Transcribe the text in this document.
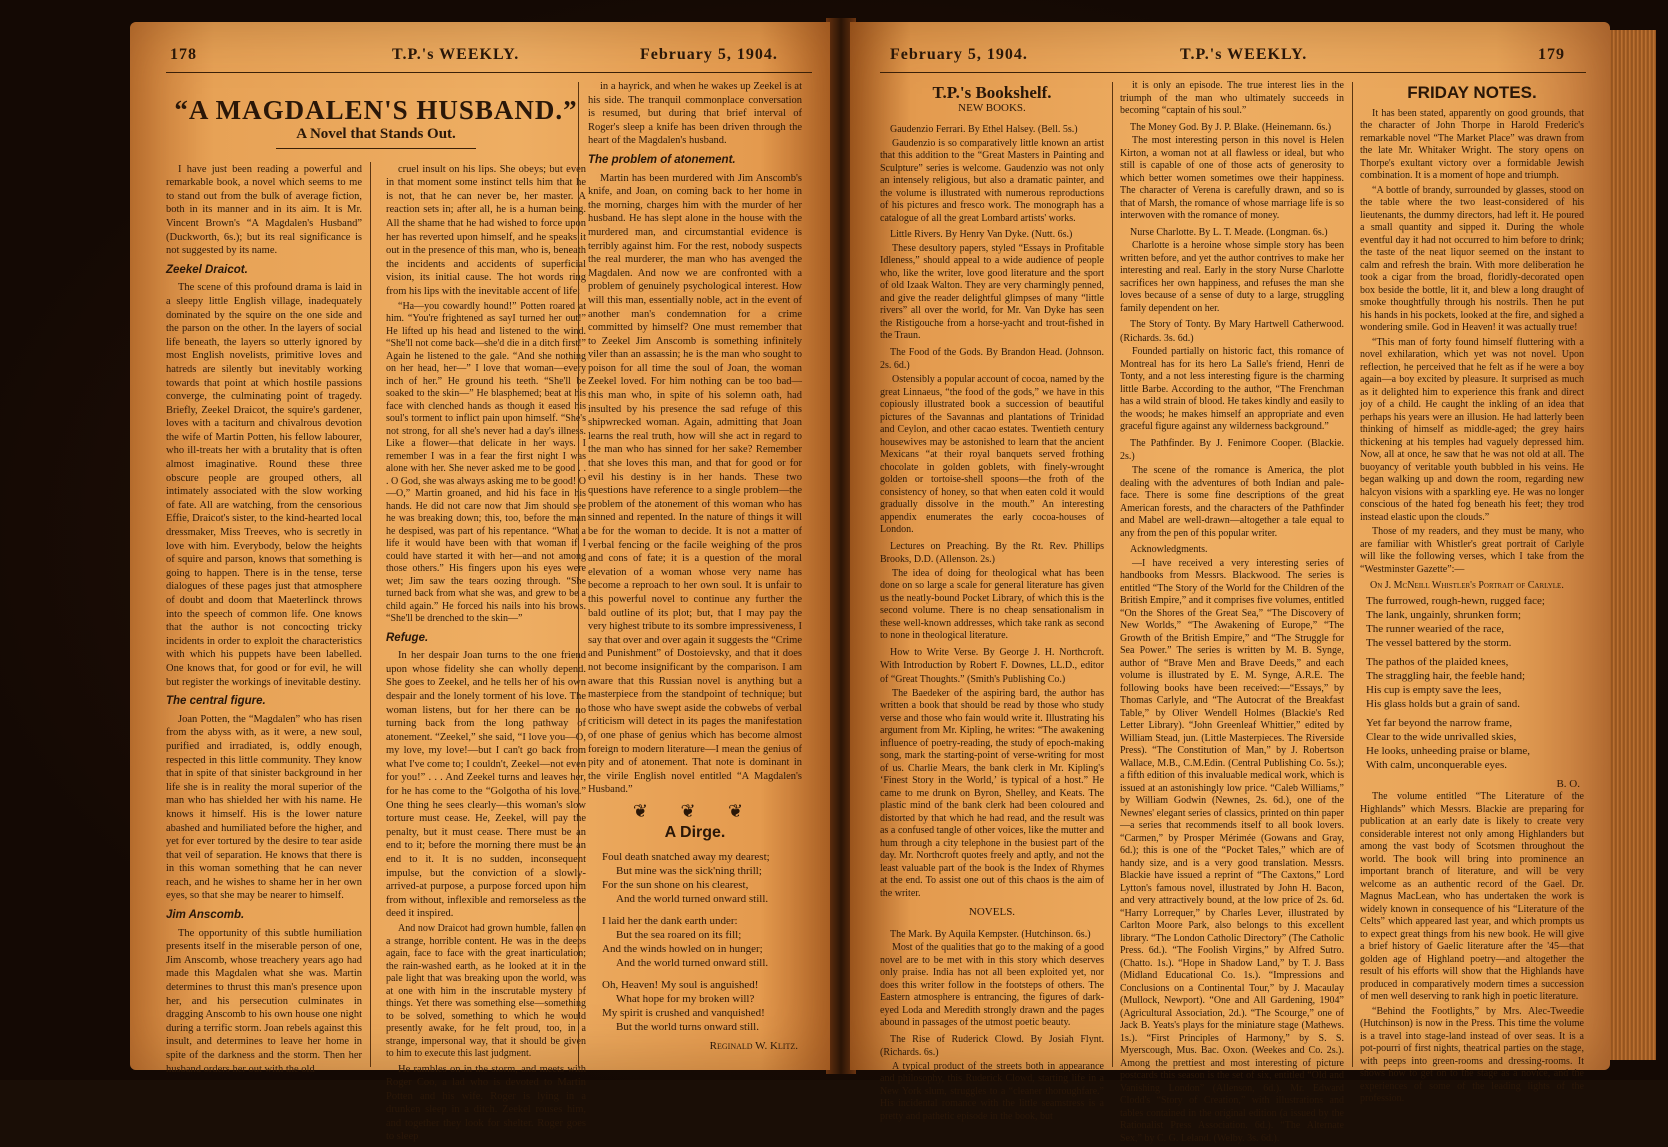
178	T.P.'s WEEKLY.	February 5, 1904.
“A MAGDALEN'S HUSBAND.”
A Novel that Stands Out.

I have just been reading a powerful and remarkable book, a novel which seems to me to stand out from the bulk of average fiction, both in its manner and in its aim. It is Mr. Vincent Brown's “A Magdalen's Husband” (Duckworth, 6s.); but its real significance is not suggested by its name.

Zeekel Draicot.

The scene of this profound drama is laid in a sleepy little English village, inadequately dominated by the squire on the one side and the parson on the other. In the layers of social life beneath, the layers so utterly ignored by most English novelists, primitive loves and hatreds are silently but inevitably working towards that point at which hostile passions converge, the culminating point of tragedy. Briefly, Zeekel Draicot, the squire's gardener, loves with a taciturn and chivalrous devotion the wife of Martin Potten, his fellow labourer, who ill-treats her with a brutality that is often almost imaginative. Round these three obscure people are grouped others, all intimately associated with the slow working of fate. All are watching, from the censorious Effie, Draicot's sister, to the kind-hearted local dressmaker, Miss Treeves, who is secretly in love with him. Everybody, below the heights of squire and parson, knows that something is going to happen. There is in the tense, terse dialogues of these pages just that atmosphere of doubt and doom that Maeterlinck throws into the speech of common life. One knows that the author is not concocting tricky incidents in order to exploit the characteristics with which his puppets have been labelled. One knows that, for good or for evil, he will but register the workings of inevitable destiny.

The central figure.

Joan Potten, the “Magdalen” who has risen from the abyss with, as it were, a new soul, purified and irradiated, is, oddly enough, respected in this little community. They know that in spite of that sinister background in her life she is in reality the moral superior of the man who has shielded her with his name. He knows it himself. His is the lower nature abashed and humiliated before the higher, and yet for ever tortured by the desire to tear aside that veil of separation. He knows that there is in this woman something that he can never reach, and he wishes to shame her in her own eyes, so that she may be nearer to himself.

Jim Anscomb.

The opportunity of this subtle humiliation presents itself in the miserable person of one, Jim Anscomb, whose treachery years ago had made this Magdalen what she was. Martin determines to thrust this man's presence upon her, and his persecution culminates in dragging Anscomb to his own house one night during a terrific storm. Joan rebels against this insult, and determines to leave her home in spite of the darkness and the storm. Then her husband orders her out with the old

cruel insult on his lips. She obeys; but even in that moment some instinct tells him that he is not, that he can never be, her master. A reaction sets in; after all, he is a human being. All the shame that he had wished to force upon her has reverted upon himself, and he speaks it out in the presence of this man, who is, beneath the incidents and accidents of superficial vision, its initial cause. The hot words ring from his lips with the inevitable accent of life:

“Ha—you cowardly hound!” Potten roared at him. “You're frightened as sayI turned her out!” He lifted up his head and listened to the wind. “She'll not come back—she'd die in a ditch first!” Again he listened to the gale. “And she nothing on her head, her—” I love that woman—every inch of her.” He ground his teeth. “She'll be soaked to the skin—” He blasphemed; beat at his face with clenched hands as though it eased his soul's torment to inflict pain upon himself. “She's not strong, for all she's never had a day's illness. Like a flower—that delicate in her ways. I remember I was in a fear the first night I was alone with her. She never asked me to be good . . . O God, she was always asking me to be good! O—O,” Martin groaned, and hid his face in his hands. He did not care now that Jim should see he was breaking down; this, too, before the man he despised, was part of his repentance. “What a life it would have been with that woman if I could have started it with her—and not among those others.” His fingers upon his eyes were wet; Jim saw the tears oozing through. “She turned back from what she was, and grew to be a child again.” He forced his nails into his brows. “She'll be drenched to the skin—”

Refuge.

In her despair Joan turns to the one friend upon whose fidelity she can wholly depend. She goes to Zeekel, and he tells her of his own despair and the lonely torment of his love. The woman listens, but for her there can be no turning back from the long pathway of atonement. “Zeekel,” she said, “I love you—O, my love, my love!—but I can't go back from what I've come to; I couldn't, Zeekel—not even for you!” . . . And Zeekel turns and leaves her, for he has come to the “Golgotha of his love.” One thing he sees clearly—this woman's slow torture must cease. He, Zeekel, will pay the penalty, but it must cease. There must be an end to it; before the morning there must be an end to it. It is no sudden, inconsequent impulse, but the conviction of a slowly-arrived-at purpose, a purpose forced upon him from without, inflexible and remorseless as the deed it inspired.

And now Draicot had grown humble, fallen on a strange, horrible content. He was in the deeps again, face to face with the great inarticulation; the rain-washed earth, as he looked at it in the pale light that was breaking upon the world, was at one with him in the inscrutable mystery of things. Yet there was something else—something to be solved, something to which he would presently awake, for he felt proud, too, in a strange, impersonal way, that it should be given to him to execute this last judgment.

He rambles on in the storm, and meets with Roger Coo, a lad who is devoted to Martin Potten and his wife. Roger is lying in a drunken sleep in a ditch. Zeekel rouses him, and together they look for shelter. Roger goes to sleep

in a hayrick, and when he wakes up Zeekel is at his side. The tranquil commonplace conversation is resumed, but during that brief interval of Roger's sleep a knife has been driven through the heart of the Magdalen's husband.

The problem of atonement.

Martin has been murdered with Jim Anscomb's knife, and Joan, on coming back to her home in the morning, charges him with the murder of her husband. He has slept alone in the house with the murdered man, and circumstantial evidence is terribly against him. For the rest, nobody suspects the real murderer, the man who has avenged the Magdalen. And now we are confronted with a problem of genuinely psychological interest. How will this man, essentially noble, act in the event of another man's condemnation for a crime committed by himself? One must remember that to Zeekel Jim Anscomb is something infinitely viler than an assassin; he is the man who sought to poison for all time the soul of Joan, the woman Zeekel loved. For him nothing can be too bad—this man who, in spite of his solemn oath, had insulted by his presence the sad refuge of this shipwrecked woman. Again, admitting that Joan learns the real truth, how will she act in regard to the man who has sinned for her sake? Remember that she loves this man, and that for good or for evil his destiny is in her hands. These two questions have reference to a single problem—the problem of the atonement of this woman who has sinned and repented. In the nature of things it will be for the woman to decide. It is not a matter of verbal fencing or the facile weighing of the pros and cons of fate; it is a question of the moral elevation of a woman whose very name has become a reproach to her own soul. It is unfair to this powerful novel to continue any further the bald outline of its plot; but, that I may pay the very highest tribute to its sombre impressiveness, I say that over and over again it suggests the “Crime and Punishment” of Dostoievsky, and that it does not become insignificant by the comparison. I am aware that this Russian novel is anything but a masterpiece from the standpoint of technique; but those who have swept aside the cobwebs of verbal criticism will detect in its pages the manifestation of one phase of genius which has become almost foreign to modern literature—I mean the genius of pity and of atonement. That note is dominant in the virile English novel entitled “A Magdalen's Husband.”

❦ ❦ ❦
A Dirge.
Foul death snatched away my dearest;
But mine was the sick'ning thrill;
For the sun shone on his clearest,
And the world turned onward still.
I laid her the dank earth under:
But the sea roared on its fill;
And the winds howled on in hunger;
And the world turned onward still.
Oh, Heaven! My soul is anguished!
What hope for my broken will?
My spirit is crushed and vanquished!
But the world turns onward still.
Reginald W. Klitz.
February 5, 1904.	T.P.'s WEEKLY.	179
T.P.'s Bookshelf.
NEW BOOKS.
Gaudenzio Ferrari. By Ethel Halsey. (Bell. 5s.)

Gaudenzio is so comparatively little known an artist that this addition to the “Great Masters in Painting and Sculpture” series is welcome. Gaudenzio was not only an intensely religious, but also a dramatic painter, and the volume is illustrated with numerous reproductions of his pictures and fresco work. The monograph has a catalogue of all the great Lombard artists' works.

Little Rivers. By Henry Van Dyke. (Nutt. 6s.)

These desultory papers, styled “Essays in Profitable Idleness,” should appeal to a wide audience of people who, like the writer, love good literature and the sport of old Izaak Walton. They are very charmingly penned, and give the reader delightful glimpses of many “little rivers” all over the world, for Mr. Van Dyke has seen the Ristigouche from a horse-yacht and trout-fished in the Traun.

The Food of the Gods. By Brandon Head. (Johnson. 2s. 6d.)

Ostensibly a popular account of cocoa, named by the great Linnaeus, “the food of the gods,” we have in this copiously illustrated book a succession of beautiful pictures of the Savannas and plantations of Trinidad and Ceylon, and other cacao estates. Twentieth century housewives may be astonished to learn that the ancient Mexicans “at their royal banquets served frothing chocolate in golden goblets, with finely-wrought golden or tortoise-shell spoons—the froth of the consistency of honey, so that when eaten cold it would gradually dissolve in the mouth.” An interesting appendix enumerates the early cocoa-houses of London.

Lectures on Preaching. By the Rt. Rev. Phillips Brooks, D.D. (Allenson. 2s.)

The idea of doing for theological what has been done on so large a scale for general literature has given us the neatly-bound Pocket Library, of which this is the second volume. There is no cheap sensationalism in these well-known addresses, which take rank as second to none in theological literature.

How to Write Verse. By George J. H. Northcroft. With Introduction by Robert F. Downes, LL.D., editor of “Great Thoughts.” (Smith's Publishing Co.)

The Baedeker of the aspiring bard, the author has written a book that should be read by those who study verse and those who fain would write it. Illustrating his argument from Mr. Kipling, he writes: “The awakening influence of poetry-reading, the study of epoch-making song, mark the starting-point of verse-writing for most of us. Charlie Mears, the bank clerk in Mr. Kipling's ‘Finest Story in the World,’ is typical of a host.” He came to me drunk on Byron, Shelley, and Keats. The plastic mind of the bank clerk had been coloured and distorted by that which he had read, and the result was as a confused tangle of other voices, like the mutter and hum through a city telephone in the busiest part of the day. Mr. Northcroft quotes freely and aptly, and not the least valuable part of the book is the Index of Rhymes at the end. To assist one out of this chaos is the aim of the writer.

NOVELS.
The Mark. By Aquila Kempster. (Hutchinson. 6s.)

Most of the qualities that go to the making of a good novel are to be met with in this story which deserves only praise. India has not all been exploited yet, nor does this writer follow in the footsteps of others. The Eastern atmosphere is entrancing, the figures of dark-eyed Loda and Meredith strongly drawn and the pages abound in passages of the utmost poetic beauty.

The Rise of Ruderick Clowd. By Josiah Flynt. (Richards. 6s.)

A typical product of the streets both in appearance and philosophy, this Ruderick Clowd, starting life in a New York slum, struggles to a “cleaner thoroughfare.” His incidental romance with the little seamstress is a pretty and pathetic episode in the book, but

it is only an episode. The true interest lies in the triumph of the man who ultimately succeeds in becoming “captain of his soul.”

The Money God. By J. P. Blake. (Heinemann. 6s.)

The most interesting person in this novel is Helen Kirton, a woman not at all flawless or ideal, but who still is capable of one of those acts of generosity to which better women sometimes owe their happiness. The character of Verena is carefully drawn, and so is that of Marsh, the romance of whose marriage life is so interwoven with the romance of money.

Nurse Charlotte. By L. T. Meade. (Longman. 6s.)

Charlotte is a heroine whose simple story has been written before, and yet the author contrives to make her interesting and real. Early in the story Nurse Charlotte sacrifices her own happiness, and refuses the man she loves because of a sense of duty to a large, struggling family dependent on her.

The Story of Tonty. By Mary Hartwell Catherwood. (Richards. 3s. 6d.)

Founded partially on historic fact, this romance of Montreal has for its hero La Salle's friend, Henri de Tonty, and a not less interesting figure is the charming little Barbe. According to the author, “The Frenchman has a wild strain of blood. He takes kindly and easily to the woods; he makes himself an appropriate and even graceful figure against any wilderness background.”

The Pathfinder. By J. Fenimore Cooper. (Blackie. 2s.)

The scene of the romance is America, the plot dealing with the adventures of both Indian and pale-face. There is some fine descriptions of the great American forests, and the characters of the Pathfinder and Mabel are well-drawn—altogether a tale equal to any from the pen of this popular writer.

Acknowledgments.

—I have received a very interesting series of handbooks from Messrs. Blackwood. The series is entitled “The Story of the World for the Children of the British Empire,” and it comprises five volumes, entitled “On the Shores of the Great Sea,” “The Discovery of New Worlds,” “The Awakening of Europe,” “The Growth of the British Empire,” and “The Struggle for Sea Power.” The series is written by M. B. Synge, author of “Brave Men and Brave Deeds,” and each volume is illustrated by E. M. Synge, A.R.E. The following books have been received:—“Essays,” by Thomas Carlyle, and “The Autocrat of the Breakfast Table,” by Oliver Wendell Holmes (Blackie's Red Letter Library). “John Greenleaf Whittier,” edited by William Stead, jun. (Little Masterpieces. The Riverside Press). “The Constitution of Man,” by J. Robertson Wallace, M.B., C.M.Edin. (Central Publishing Co. 5s.); a fifth edition of this invaluable medical work, which is issued at an astonishingly low price. “Caleb Williams,” by William Godwin (Newnes, 2s. 6d.), one of the Newnes' elegant series of classics, printed on thin paper—a series that recommends itself to all book lovers. “Carmen,” by Prosper Mérimée (Gowans and Gray, 6d.); this is one of the “Pocket Tales,” which are of handy size, and is a very good translation. Messrs. Blackie have issued a reprint of “The Caxtons,” Lord Lytton's famous novel, illustrated by John H. Bacon, and very attractively bound, at the low price of 2s. 6d. “Harry Lorrequer,” by Charles Lever, illustrated by Carlton Moore Park, also belongs to this excellent library. “The London Catholic Directory” (The Catholic Press. 6d.). “The Foolish Virgins,” by Alfred Sutro. (Chatto. 1s.). “Hope in Shadow Land,” by T. J. Bass (Midland Educational Co. 1s.). “Impressions and Conclusions on a Continental Tour,” by J. Macaulay (Mullock, Newport). “One and All Gardening, 1904” (Agricultural Association, 2d.). “The Scourge,” one of Jack B. Yeats's plays for the miniature stage (Mathews. 1s.). “First Principles of Harmony,” by S. S. Myerscough, Mus. Bac. Oxon. (Weekes and Co. 2s.). Among the prettiest and most interesting of picture postcards this season is the set of six, entitled “Old and Vanishing London” (Allenson, 6d.). Mr. Edward Clodd's “Story of Creation,” with illustrations and tables contained in the original edition (a issued by the Rationalist Press Association. 6d.). “The Alternate Sex,” by C. G. Leland. (Welby. 3s. 6d.).

FRIDAY NOTES.

It has been stated, apparently on good grounds, that the character of John Thorpe in Harold Frederic's remarkable novel “The Market Place” was drawn from the late Mr. Whitaker Wright. The story opens on Thorpe's exultant victory over a formidable Jewish combination. It is a moment of hope and triumph.

“A bottle of brandy, surrounded by glasses, stood on the table where the two least-considered of his lieutenants, the dummy directors, had left it. He poured a small quantity and sipped it. During the whole eventful day it had not occurred to him before to drink; the taste of the neat liquor seemed on the instant to calm and refresh the brain. With more deliberation he took a cigar from the broad, floridly-decorated open box beside the bottle, lit it, and blew a long draught of smoke thoughtfully through his nostrils. Then he put his hands in his pockets, looked at the fire, and sighed a wondering smile. God in Heaven! it was actually true!

“This man of forty found himself fluttering with a novel exhilaration, which yet was not novel. Upon reflection, he perceived that he felt as if he were a boy again—a boy excited by pleasure. It surprised as much as it delighted him to experience this frank and direct joy of a child. He caught the inkling of an idea that perhaps his years were an illusion. He had latterly been thinking of himself as middle-aged; the grey hairs thickening at his temples had vaguely depressed him. Now, all at once, he saw that he was not old at all. The buoyancy of veritable youth bubbled in his veins. He began walking up and down the room, regarding new halcyon visions with a sparkling eye. He was no longer conscious of the hated fog beneath his feet; they trod instead elastic upon the clouds.”

Those of my readers, and they must be many, who are familiar with Whistler's great portrait of Carlyle will like the following verses, which I take from the “Westminster Gazette”:—

On J. McNeill Whistler's Portrait of Carlyle.
The furrowed, rough-hewn, rugged face;
The lank, ungainly, shrunken form;
The runner wearied of the race,
The vessel battered by the storm.
The pathos of the plaided knees,
The straggling hair, the feeble hand;
His cup is empty save the lees,
His glass holds but a grain of sand.
Yet far beyond the narrow frame,
Clear to the wide unrivalled skies,
He looks, unheeding praise or blame,
With calm, unconquerable eyes.
B. O.

The volume entitled “The Literature of the Highlands” which Messrs. Blackie are preparing for publication at an early date is likely to create very considerable interest not only among Highlanders but among the vast body of Scotsmen throughout the world. The book will bring into prominence an important branch of literature, and will be very welcome as an authentic record of the Gael. Dr. Magnus MacLean, who has undertaken the work is widely known in consequence of his “Literature of the Celts” which appeared last year, and which prompts us to expect great things from his new book. He will give a brief history of Gaelic literature after the '45—that golden age of Highland poetry—and altogether the result of his efforts will show that the Highlands have produced in comparatively modern times a succession of men well deserving to rank high in poetic literature.

“Behind the Footlights,” by Mrs. Alec-Tweedie (Hutchinson) is now in the Press. This time the volume is a travel into stage-land instead of over seas. It is a pot-pourri of first nights, theatrical parties on the stage, with peeps into green-rooms and dressing-rooms. It shows how to get on to the stage as a novice, and the experiences of some of the leading lights of the profession.
